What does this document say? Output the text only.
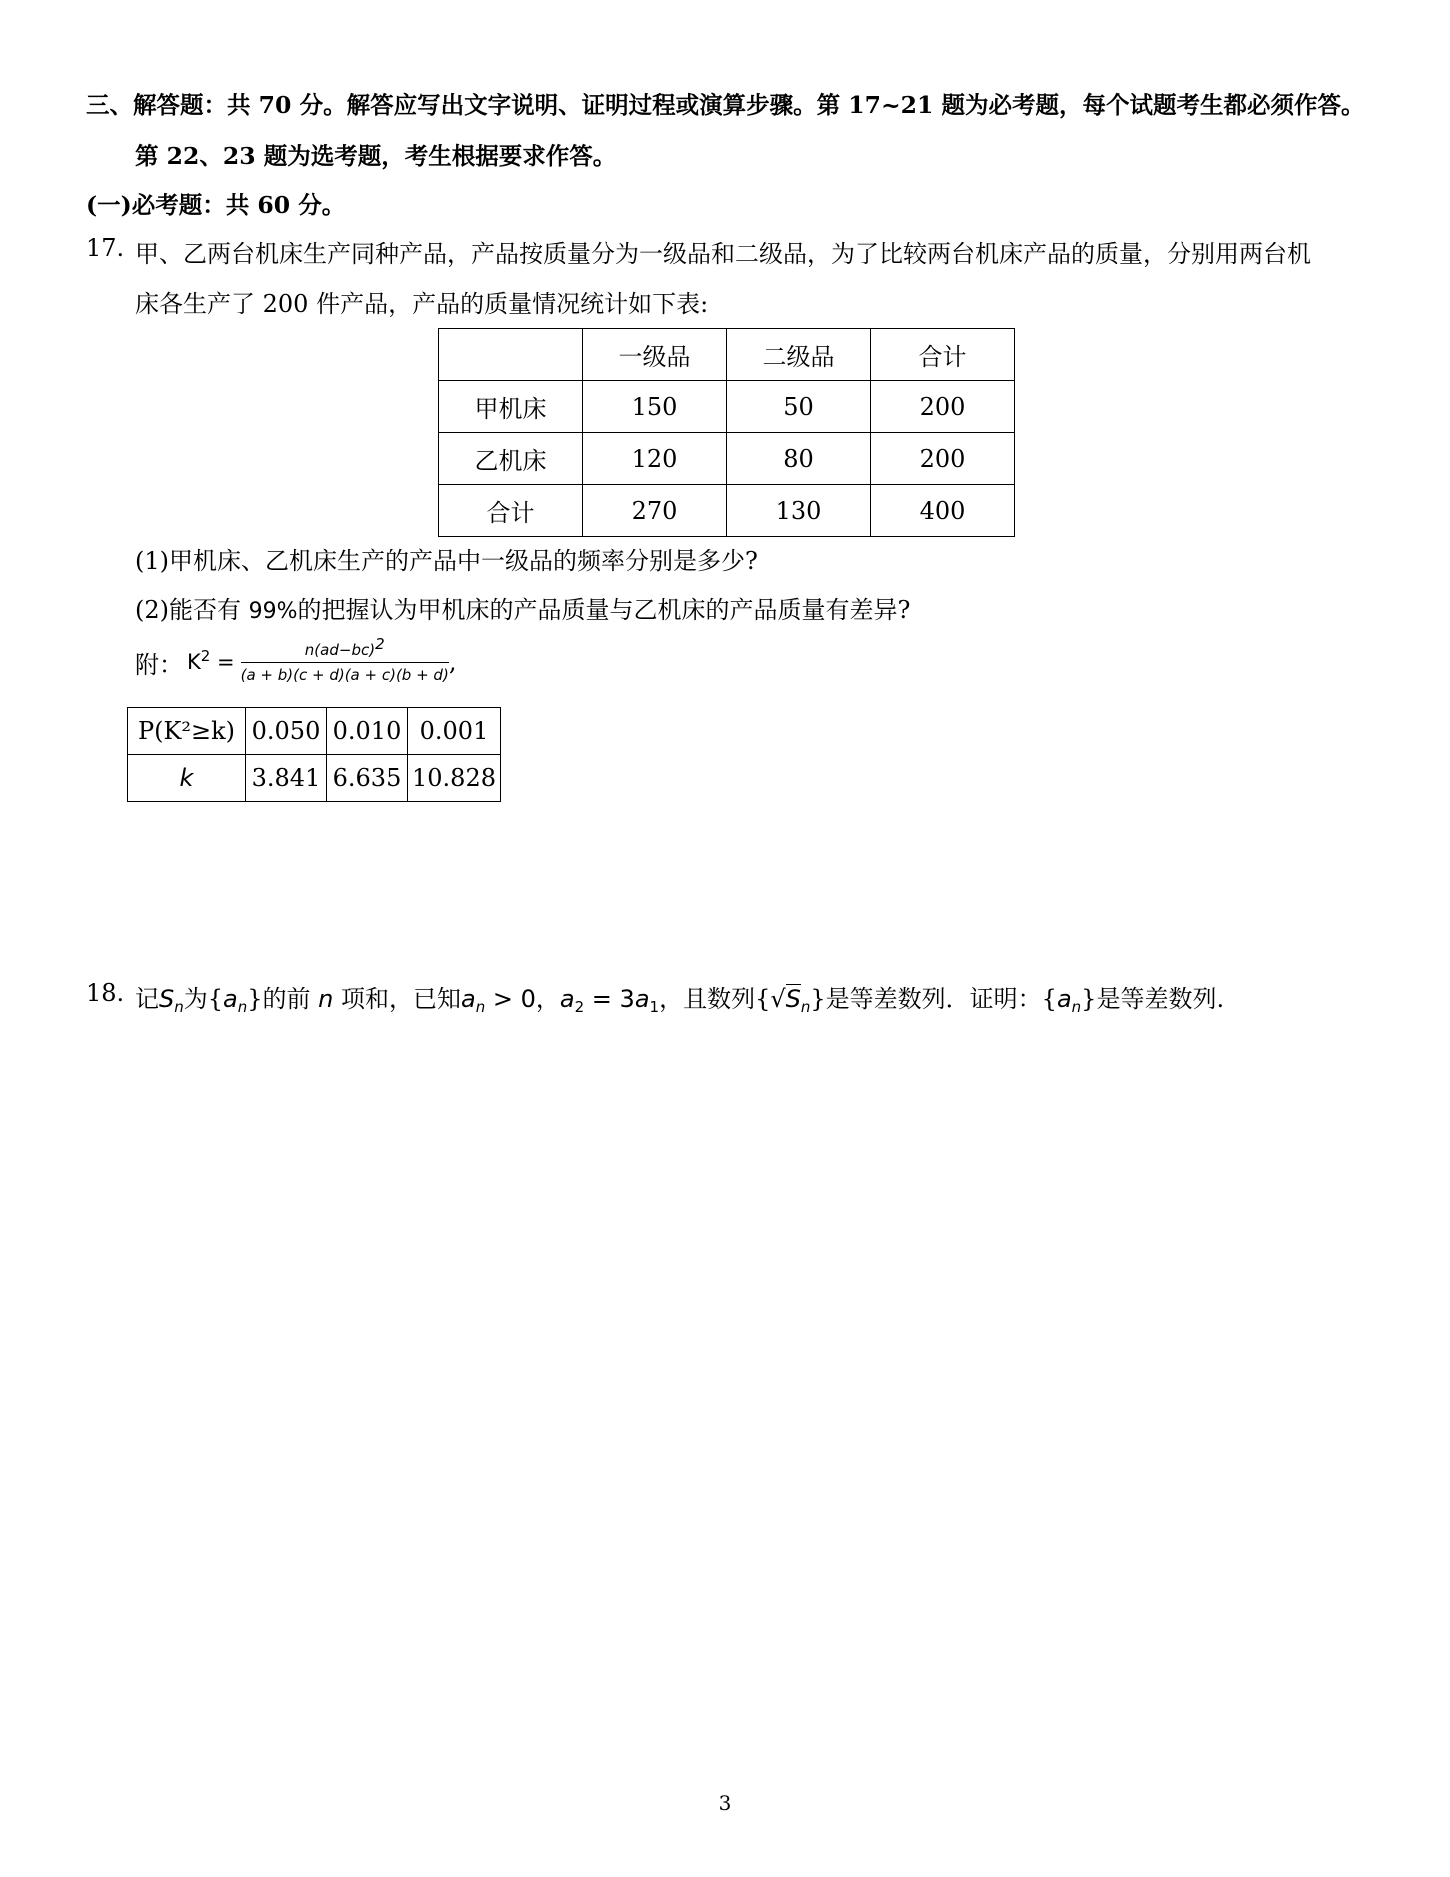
三、解答题：共 70 分。解答应写出文字说明、证明过程或演算步骤。第 17~21 题为必考题，每个试题考生都必须作答。
第 22、23 题为选考题，考生根据要求作答。
(一)必考题：共 60 分。
17. 甲、乙两台机床生产同种产品，产品按质量分为一级品和二级品，为了比较两台机床产品的质量，分别用两台机
床各生产了 200 件产品，产品的质量情况统计如下表:
	一级品	二级品	合计
甲机床	150	50	200
乙机床	120	80	200
合计	270	130	400
(1)甲机床、乙机床生产的产品中一级品的频率分别是多少?
(2)能否有 99%的把握认为甲机床的产品质量与乙机床的产品质量有差异?
附： $K^2 = \frac{n(ad-bc)^2}{(a + b)(c + d)(a + c)(b + d)}$ ,
P(K²≥k)	0.050	0.010	0.001
k	3.841	6.635	10.828
18. 记$S_n$为$\{a_n\}$的前 n 项和，已知$a_n > 0$，$a_2 = 3a_1$，且数列$\{√S_n\}$是等差数列．证明：$\{a_n\}$是等差数列.
3
